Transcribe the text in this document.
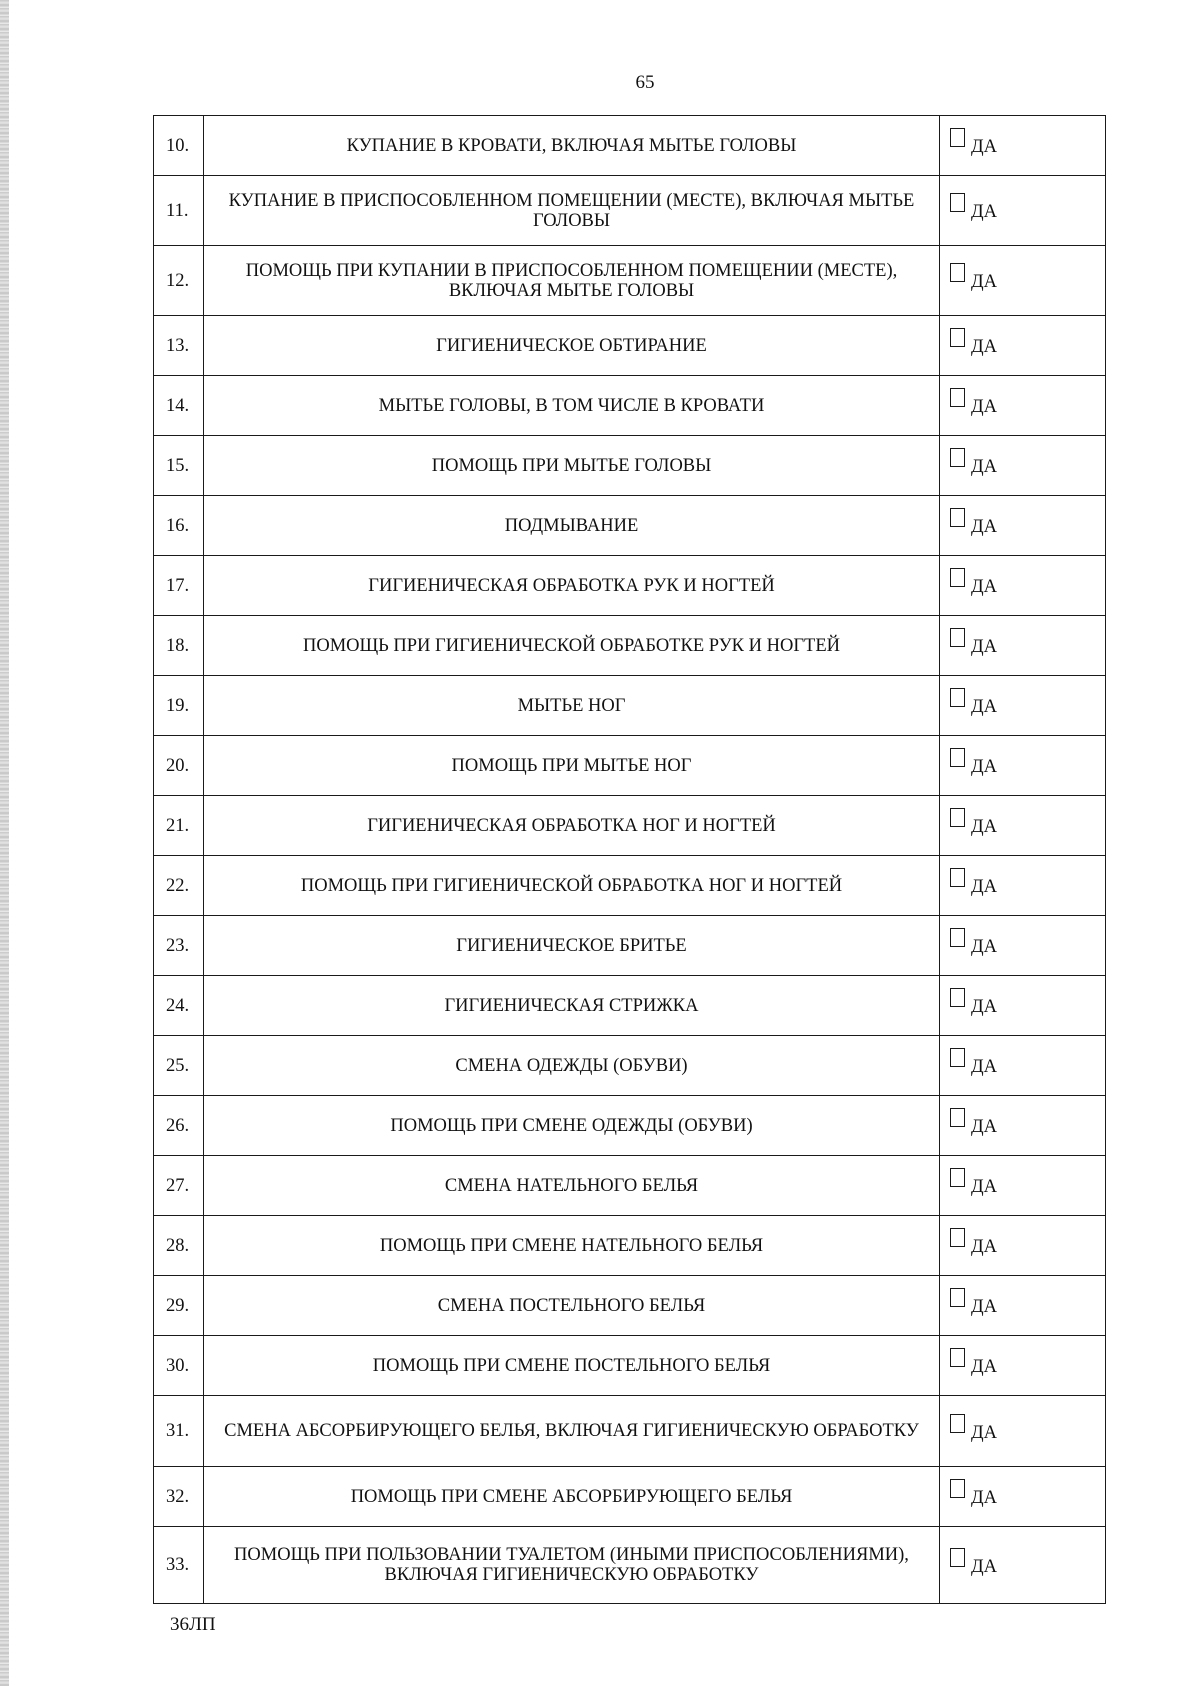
65
10.	КУПАНИЕ В КРОВАТИ, ВКЛЮЧАЯ МЫТЬЕ ГОЛОВЫ	ДА

11.	КУПАНИЕ В ПРИСПОСОБЛЕННОМ ПОМЕЩЕНИИ (МЕСТЕ), ВКЛЮЧАЯ МЫТЬЕ ГОЛОВЫ	ДА

12.	ПОМОЩЬ ПРИ КУПАНИИ В ПРИСПОСОБЛЕННОМ ПОМЕЩЕНИИ (МЕСТЕ), ВКЛЮЧАЯ МЫТЬЕ ГОЛОВЫ	ДА

13.	ГИГИЕНИЧЕСКОЕ ОБТИРАНИЕ	ДА

14.	МЫТЬЕ ГОЛОВЫ, В ТОМ ЧИСЛЕ В КРОВАТИ	ДА

15.	ПОМОЩЬ ПРИ МЫТЬЕ ГОЛОВЫ	ДА

16.	ПОДМЫВАНИЕ	ДА

17.	ГИГИЕНИЧЕСКАЯ ОБРАБОТКА РУК И НОГТЕЙ	ДА

18.	ПОМОЩЬ ПРИ ГИГИЕНИЧЕСКОЙ ОБРАБОТКЕ РУК И НОГТЕЙ	ДА

19.	МЫТЬЕ НОГ	ДА

20.	ПОМОЩЬ ПРИ МЫТЬЕ НОГ	ДА

21.	ГИГИЕНИЧЕСКАЯ ОБРАБОТКА НОГ И НОГТЕЙ	ДА

22.	ПОМОЩЬ ПРИ ГИГИЕНИЧЕСКОЙ ОБРАБОТКА НОГ И НОГТЕЙ	ДА

23.	ГИГИЕНИЧЕСКОЕ БРИТЬЕ	ДА

24.	ГИГИЕНИЧЕСКАЯ СТРИЖКА	ДА

25.	СМЕНА ОДЕЖДЫ (ОБУВИ)	ДА

26.	ПОМОЩЬ ПРИ СМЕНЕ ОДЕЖДЫ (ОБУВИ)	ДА

27.	СМЕНА НАТЕЛЬНОГО БЕЛЬЯ	ДА

28.	ПОМОЩЬ ПРИ СМЕНЕ НАТЕЛЬНОГО БЕЛЬЯ	ДА

29.	СМЕНА ПОСТЕЛЬНОГО БЕЛЬЯ	ДА

30.	ПОМОЩЬ ПРИ СМЕНЕ ПОСТЕЛЬНОГО БЕЛЬЯ	ДА

31.	СМЕНА АБСОРБИРУЮЩЕГО БЕЛЬЯ, ВКЛЮЧАЯ ГИГИЕНИЧЕСКУЮ ОБРАБОТКУ	ДА

32.	ПОМОЩЬ ПРИ СМЕНЕ АБСОРБИРУЮЩЕГО БЕЛЬЯ	ДА

33.	ПОМОЩЬ ПРИ ПОЛЬЗОВАНИИ ТУАЛЕТОМ (ИНЫМИ ПРИСПОСОБЛЕНИЯМИ), ВКЛЮЧАЯ ГИГИЕНИЧЕСКУЮ ОБРАБОТКУ	ДА
36ЛП
